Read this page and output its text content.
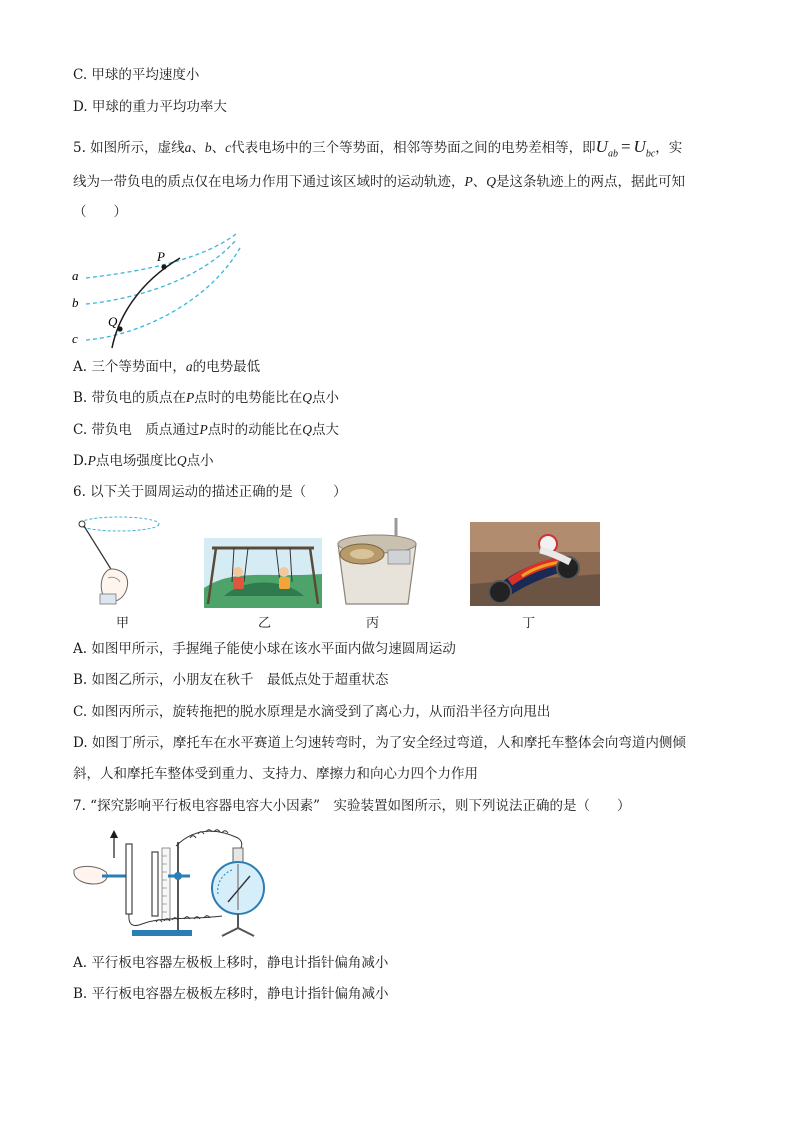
C. 甲球的平均速度小
D. 甲球的重力平均功率大
5. 如图所示，虚线a、b、c代表电场中的三个等势面，相邻等势面之间的电势差相等，即$U_{ab} = U_{bc}$，实
线为一带负电的质点仅在电场力作用下通过该区域时的运动轨迹，P、Q是这条轨迹上的两点，据此可知
（　　）
a
b
c
P
Q
A. 三个等势面中，a的电势最低
B. 带负电的质点在P点时的电势能比在Q点小
C. 带负电　质点通过P点时的动能比在Q点大
D.P点电场强度比Q点小
6. 以下关于圆周运动的描述正确的是（　　）
甲	乙	丙	丁
A. 如图甲所示，手握绳子能使小球在该水平面内做匀速圆周运动
B. 如图乙所示，小朋友在秋千　最低点处于超重状态
C. 如图丙所示，旋转拖把的脱水原理是水滴受到了离心力，从而沿半径方向甩出
D. 如图丁所示，摩托车在水平赛道上匀速转弯时，为了安全经过弯道，人和摩托车整体会向弯道内侧倾
斜，人和摩托车整体受到重力、支持力、摩擦力和向心力四个力作用
7. “探究影响平行板电容器电容大小因素”　实验装置如图所示，则下列说法正确的是（　　）
A. 平行板电容器左极板上移时，静电计指针偏角减小
B. 平行板电容器左极板左移时，静电计指针偏角减小
